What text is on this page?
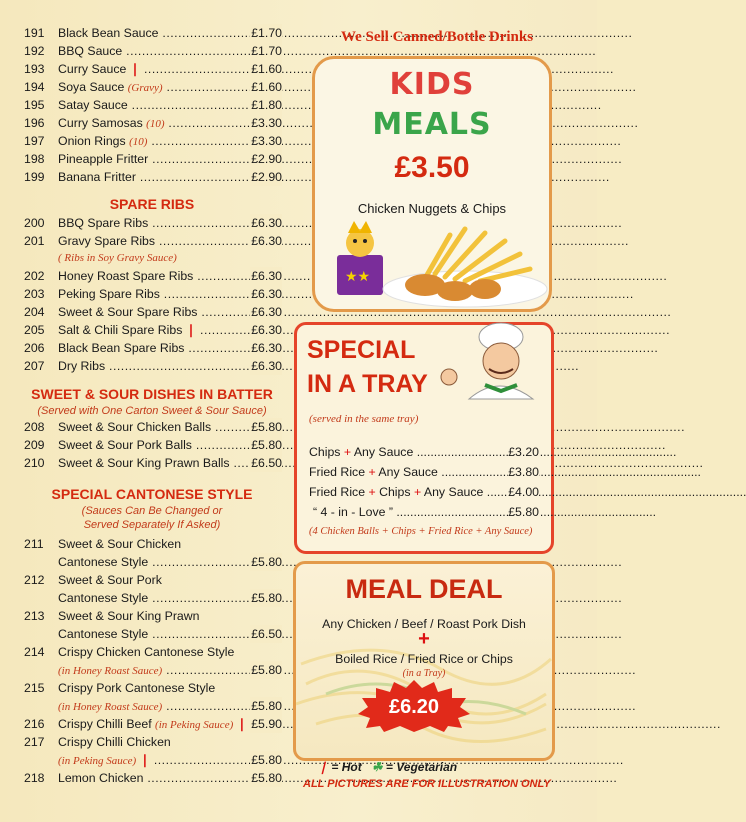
191	Black Bean Sauce .....	£1.70
192	BBQ Sauce .....	£1.70
193	Curry Sauce ❘ .....	£1.60
194	Soya Sauce (Gravy) .....	£1.60
195	Satay Sauce .....	£1.80
196	Curry Samosas (10) .....	£3.30
197	Onion Rings (10) .....	£3.30
198	Pineapple Fritter .....	£2.90
199	Banana Fritter .....	£2.90
SPARE RIBS
200	BBQ Spare Ribs .....	£6.30
201	Gravy Spare Ribs .....	£6.30
( Ribs in Soy Gravy Sauce)
202	Honey Roast Spare Ribs .....	£6.30
203	Peking Spare Ribs .....	£6.30
204	Sweet & Sour Spare Ribs .....	£6.30
205	Salt & Chili Spare Ribs ❘ .....	£6.30
206	Black Bean Spare Ribs .....	£6.30
207	Dry Ribs .....	£6.30
SWEET & SOUR DISHES IN BATTER
(Served with One Carton Sweet & Sour Sauce)
208	Sweet & Sour Chicken Balls .....	£5.80
209	Sweet & Sour Pork Balls .....	£5.80
210	Sweet & Sour King Prawn Balls .....	£6.50
SPECIAL CANTONESE STYLE
(Sauces Can Be Changed or
Served Separately If Asked)
211	Sweet & Sour Chicken
Cantonese Style .....	£5.80
212	Sweet & Sour Pork
Cantonese Style .....	£5.80
213	Sweet & Sour King Prawn
Cantonese Style .....	£6.50
214	Crispy Chicken Cantonese Style
(in Honey Roast Sauce) .....	£5.80
215	Crispy Pork Cantonese Style
(in Honey Roast Sauce) .....	£5.80
216	Crispy Chilli Beef (in Peking Sauce) ❘ ..... £5.90
217	Crispy Chilli Chicken
(in Peking Sauce) ❘ .....	£5.80
218	Lemon Chicken .....	£5.80
We Sell Canned/Bottle Drinks
KIDS
MEALS
£3.50
Chicken Nuggets & Chips
★★
SPECIAL
IN A TRAY
(served in the same tray)
Chips + Any Sauce .....	£3.20
Fried Rice + Any Sauce .....	£3.80
Fried Rice + Chips + Any Sauce .....	£4.00
“ 4 - in - Love ” .....	£5.80
(4 Chicken Balls + Chips + Fried Rice + Any Sauce)
MEAL DEAL
Any Chicken / Beef / Roast Pork Dish
+
Boiled Rice / Fried Rice or Chips
(in a Tray)
£6.20
❘ = Hot ☘ = Vegetarian
ALL PICTURES ARE FOR ILLUSTRATION ONLY
